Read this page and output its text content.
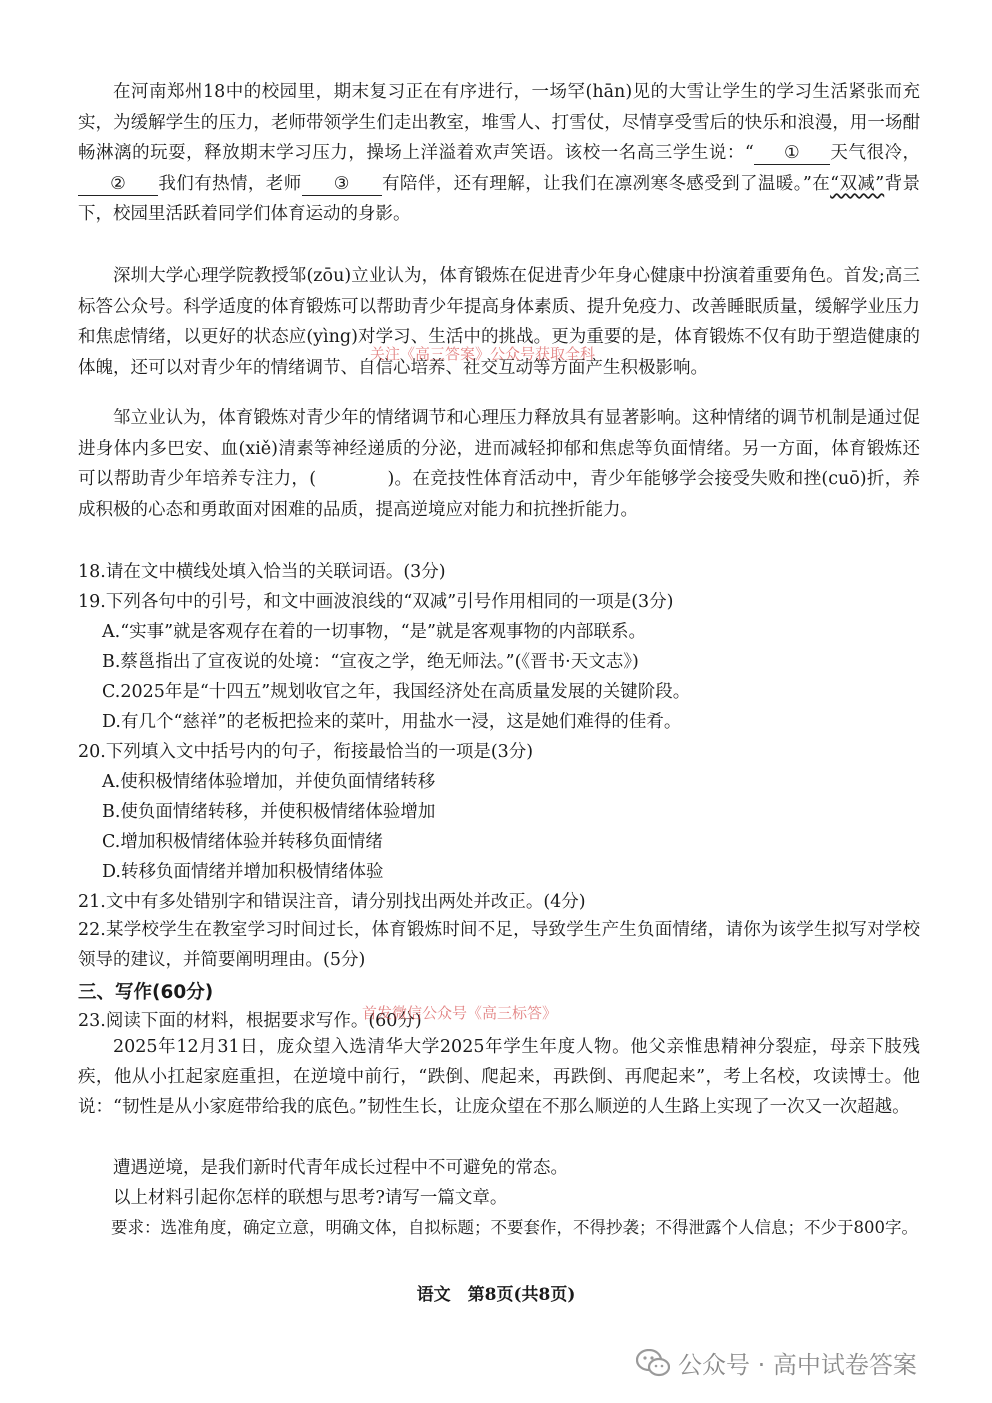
在河南郑州18中的校园里，期末复习正在有序进行，一场罕(hān)见的大雪让学生的学习生活紧张而充实，为缓解学生的压力，老师带领学生们走出教室，堆雪人、打雪仗，尽情享受雪后的快乐和浪漫，用一场酣畅淋漓的玩耍，释放期末学习压力，操场上洋溢着欢声笑语。该校一名高三学生说：“ ① 天气很冷，② 我们有热情，老师 ③ 有陪伴，还有理解，让我们在凛冽寒冬感受到了温暖。”在“双减”背景下，校园里活跃着同学们体育运动的身影。
深圳大学心理学院教授邹(zōu)立业认为，体育锻炼在促进青少年身心健康中扮演着重要角色。首发;高三标答公众号。科学适度的体育锻炼可以帮助青少年提高身体素质、提升免疫力、改善睡眠质量，缓解学业压力和焦虑情绪，以更好的状态应(yìng)对学习、生活中的挑战。更为重要的是，体育锻炼不仅有助于塑造健康的体魄，还可以对青少年的情绪调节、自信心培养、社交互动等方面产生积极影响。
关注《高三答案》公众号获取全科
邹立业认为，体育锻炼对青少年的情绪调节和心理压力释放具有显著影响。这种情绪的调节机制是通过促进身体内多巴安、血(xiě)清素等神经递质的分泌，进而减轻抑郁和焦虑等负面情绪。另一方面，体育锻炼还可以帮助青少年培养专注力，(　　　　)。在竞技性体育活动中，青少年能够学会接受失败和挫(cuō)折，养成积极的心态和勇敢面对困难的品质，提高逆境应对能力和抗挫折能力。
18.请在文中横线处填入恰当的关联词语。(3分)
19.下列各句中的引号，和文中画波浪线的“双减”引号作用相同的一项是(3分)
A.“实事”就是客观存在着的一切事物，“是”就是客观事物的内部联系。
B.蔡邕指出了宣夜说的处境：“宣夜之学，绝无师法。”(《晋书·天文志》)
C.2025年是“十四五”规划收官之年，我国经济处在高质量发展的关键阶段。
D.有几个“慈祥”的老板把捡来的菜叶，用盐水一浸，这是她们难得的佳肴。
20.下列填入文中括号内的句子，衔接最恰当的一项是(3分)
A.使积极情绪体验增加，并使负面情绪转移
B.使负面情绪转移，并使积极情绪体验增加
C.增加积极情绪体验并转移负面情绪
D.转移负面情绪并增加积极情绪体验
21.文中有多处错别字和错误注音，请分别找出两处并改正。(4分)
22.某学校学生在教室学习时间过长，体育锻炼时间不足，导致学生产生负面情绪，请你为该学生拟写对学校领导的建议，并简要阐明理由。(5分)
三、写作(60分)
23.阅读下面的材料，根据要求写作。(60分)
首发微信公众号《高三标答》
2025年12月31日，庞众望入选清华大学2025年学生年度人物。他父亲惟患精神分裂症，母亲下肢残疾，他从小扛起家庭重担，在逆境中前行，“跌倒、爬起来，再跌倒、再爬起来”，考上名校，攻读博士。他说：“韧性是从小家庭带给我的底色。”韧性生长，让庞众望在不那么顺逆的人生路上实现了一次又一次超越。
遭遇逆境，是我们新时代青年成长过程中不可避免的常态。
以上材料引起你怎样的联想与思考?请写一篇文章。
要求：选准角度，确定立意，明确文体，自拟标题；不要套作，不得抄袭；不得泄露个人信息；不少于800字。
语文　第8页(共8页)
公众号 · 高中试卷答案
